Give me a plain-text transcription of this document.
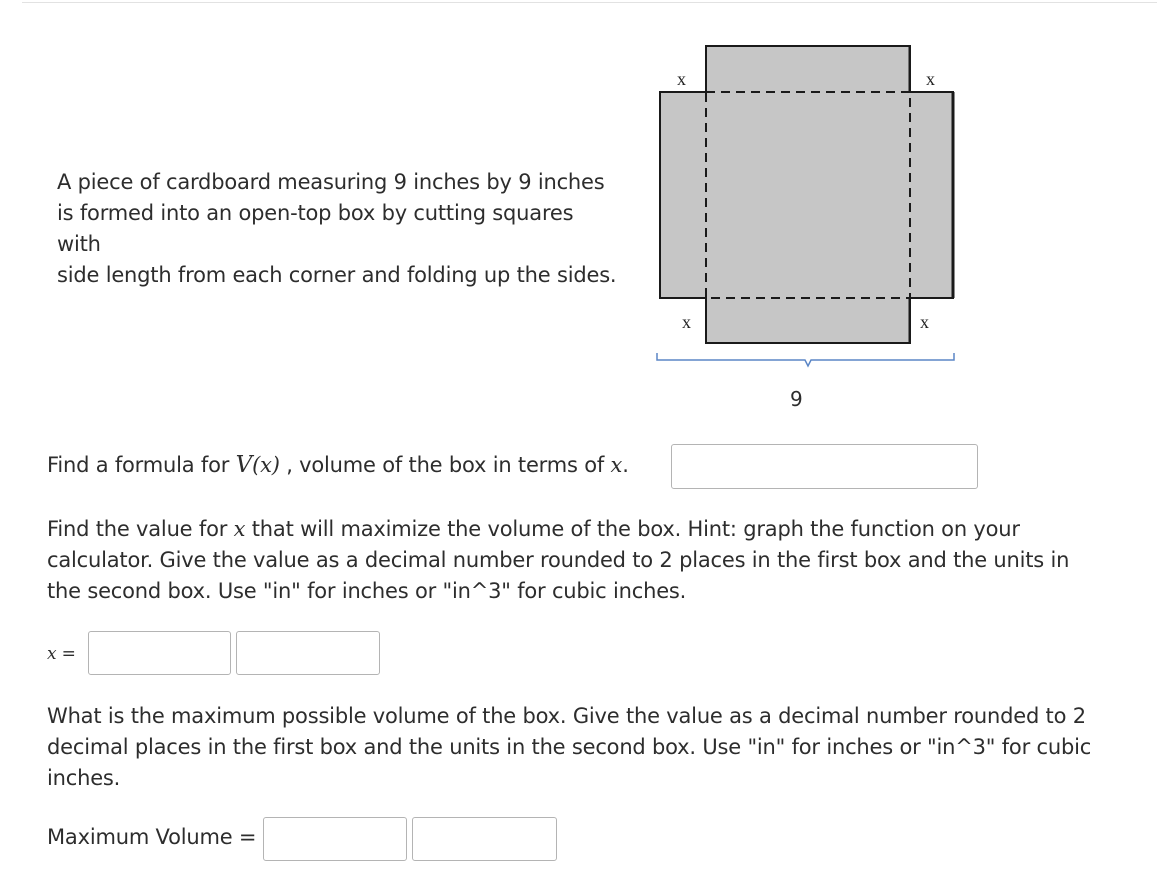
A piece of cardboard measuring 9 inches by 9 inches

is formed into an open-top box by cutting squares

with

side length from each corner and folding up the sides.

x	x
x	x
9
Find a formula for V(x) , volume of the box in terms of x.
Find the value for x that will maximize the volume of the box. Hint: graph the function on your
calculator. Give the value as a decimal number rounded to 2 places in the first box and the units in
the second box. Use "in" for inches or "in^3" for cubic inches.
x =
What is the maximum possible volume of the box. Give the value as a decimal number rounded to 2
decimal places in the first box and the units in the second box. Use "in" for inches or "in^3" for cubic
inches.
Maximum Volume =
